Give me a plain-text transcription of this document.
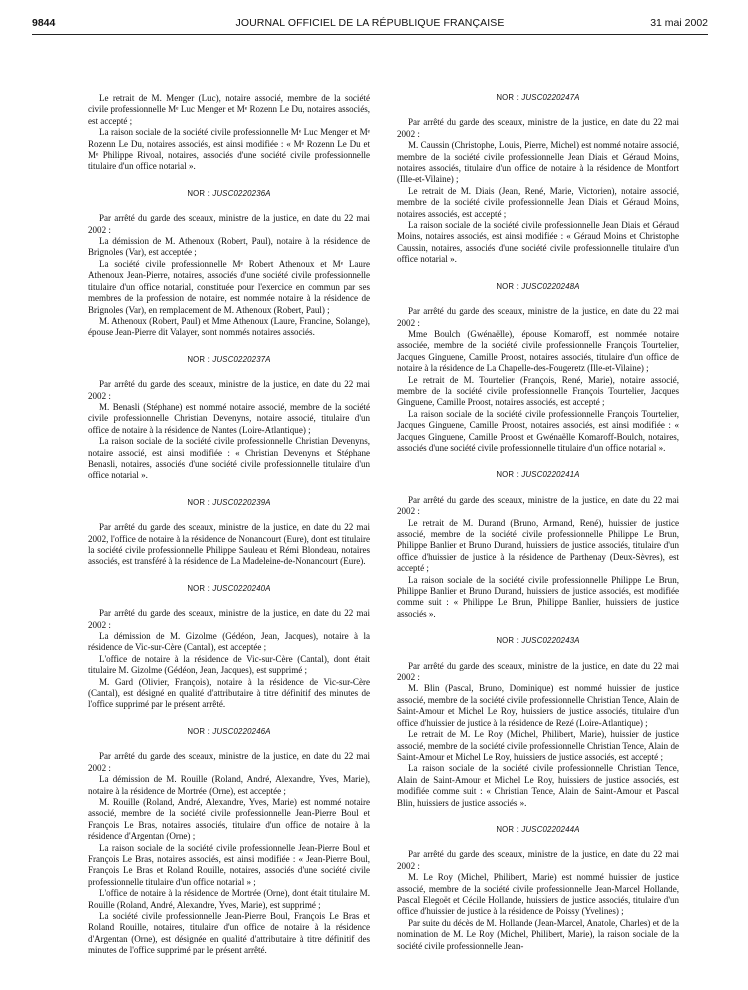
9844	JOURNAL OFFICIEL DE LA RÉPUBLIQUE FRANÇAISE	31 mai 2002

Le retrait de M. Menger (Luc), notaire associé, membre de la société civile professionnelle Mᵉ Luc Menger et Mᵉ Rozenn Le Du, notaires associés, est accepté ;

La raison sociale de la société civile professionnelle Mᵉ Luc Menger et Mᵉ Rozenn Le Du, notaires associés, est ainsi modifiée : « Mᵉ Rozenn Le Du et Mᵉ Philippe Rivoal, notaires, associés d'une société civile professionnelle titulaire d'un office notarial ».

NOR : JUSC0220236A

Par arrêté du garde des sceaux, ministre de la justice, en date du 22 mai 2002 :

La démission de M. Athenoux (Robert, Paul), notaire à la résidence de Brignoles (Var), est acceptée ;

La société civile professionnelle Mᵉ Robert Athenoux et Mᵉ Laure Athenoux Jean-Pierre, notaires, associés d'une société civile professionnelle titulaire d'un office notarial, constituée pour l'exercice en commun par ses membres de la profession de notaire, est nommée notaire à la résidence de Brignoles (Var), en remplacement de M. Athenoux (Robert, Paul) ;

M. Athenoux (Robert, Paul) et Mme Athenoux (Laure, Francine, Solange), épouse Jean-Pierre dit Valayer, sont nommés notaires associés.

NOR : JUSC0220237A

Par arrêté du garde des sceaux, ministre de la justice, en date du 22 mai 2002 :

M. Benasli (Stéphane) est nommé notaire associé, membre de la société civile professionnelle Christian Devenyns, notaire associé, titulaire d'un office de notaire à la résidence de Nantes (Loire-Atlantique) ;

La raison sociale de la société civile professionnelle Christian Devenyns, notaire associé, est ainsi modifiée : « Christian Devenyns et Stéphane Benasli, notaires, associés d'une société civile professionnelle titulaire d'un office notarial ».

NOR : JUSC0220239A

Par arrêté du garde des sceaux, ministre de la justice, en date du 22 mai 2002, l'office de notaire à la résidence de Nonancourt (Eure), dont est titulaire la société civile professionnelle Philippe Sauleau et Rémi Blondeau, notaires associés, est transféré à la résidence de La Madeleine-de-Nonancourt (Eure).

NOR : JUSC0220240A

Par arrêté du garde des sceaux, ministre de la justice, en date du 22 mai 2002 :

La démission de M. Gizolme (Gédéon, Jean, Jacques), notaire à la résidence de Vic-sur-Cère (Cantal), est acceptée ;

L'office de notaire à la résidence de Vic-sur-Cère (Cantal), dont était titulaire M. Gizolme (Gédéon, Jean, Jacques), est supprimé ;

M. Gard (Olivier, François), notaire à la résidence de Vic-sur-Cère (Cantal), est désigné en qualité d'attributaire à titre définitif des minutes de l'office supprimé par le présent arrêté.

NOR : JUSC0220246A

Par arrêté du garde des sceaux, ministre de la justice, en date du 22 mai 2002 :

La démission de M. Rouille (Roland, André, Alexandre, Yves, Marie), notaire à la résidence de Mortrée (Orne), est acceptée ;

M. Rouille (Roland, André, Alexandre, Yves, Marie) est nommé notaire associé, membre de la société civile professionnelle Jean-Pierre Boul et François Le Bras, notaires associés, titulaire d'un office de notaire à la résidence d'Argentan (Orne) ;

La raison sociale de la société civile professionnelle Jean-Pierre Boul et François Le Bras, notaires associés, est ainsi modifiée : « Jean-Pierre Boul, François Le Bras et Roland Rouille, notaires, associés d'une société civile professionnelle titulaire d'un office notarial » ;

L'office de notaire à la résidence de Mortrée (Orne), dont était titulaire M. Rouille (Roland, André, Alexandre, Yves, Marie), est supprimé ;

La société civile professionnelle Jean-Pierre Boul, François Le Bras et Roland Rouille, notaires, titulaire d'un office de notaire à la résidence d'Argentan (Orne), est désignée en qualité d'attributaire à titre définitif des minutes de l'office supprimé par le présent arrêté.

NOR : JUSC0220247A

Par arrêté du garde des sceaux, ministre de la justice, en date du 22 mai 2002 :

M. Caussin (Christophe, Louis, Pierre, Michel) est nommé notaire associé, membre de la société civile professionnelle Jean Diais et Géraud Moins, notaires associés, titulaire d'un office de notaire à la résidence de Montfort (Ille-et-Vilaine) ;

Le retrait de M. Diais (Jean, René, Marie, Victorien), notaire associé, membre de la société civile professionnelle Jean Diais et Géraud Moins, notaires associés, est accepté ;

La raison sociale de la société civile professionnelle Jean Diais et Géraud Moins, notaires associés, est ainsi modifiée : « Géraud Moins et Christophe Caussin, notaires, associés d'une société civile professionnelle titulaire d'un office notarial ».

NOR : JUSC0220248A

Par arrêté du garde des sceaux, ministre de la justice, en date du 22 mai 2002 :

Mme Boulch (Gwénaëlle), épouse Komaroff, est nommée notaire associée, membre de la société civile professionnelle François Tourtelier, Jacques Ginguene, Camille Proost, notaires associés, titulaire d'un office de notaire à la résidence de La Chapelle-des-Fougeretz (Ille-et-Vilaine) ;

Le retrait de M. Tourtelier (François, René, Marie), notaire associé, membre de la société civile professionnelle François Tourtelier, Jacques Ginguene, Camille Proost, notaires associés, est accepté ;

La raison sociale de la société civile professionnelle François Tourtelier, Jacques Ginguene, Camille Proost, notaires associés, est ainsi modifiée : « Jacques Ginguene, Camille Proost et Gwénaëlle Komaroff-Boulch, notaires, associés d'une société civile professionnelle titulaire d'un office notarial ».

NOR : JUSC0220241A

Par arrêté du garde des sceaux, ministre de la justice, en date du 22 mai 2002 :

Le retrait de M. Durand (Bruno, Armand, René), huissier de justice associé, membre de la société civile professionnelle Philippe Le Brun, Philippe Banlier et Bruno Durand, huissiers de justice associés, titulaire d'un office d'huissier de justice à la résidence de Parthenay (Deux-Sèvres), est accepté ;

La raison sociale de la société civile professionnelle Philippe Le Brun, Philippe Banlier et Bruno Durand, huissiers de justice associés, est modifiée comme suit : « Philippe Le Brun, Philippe Banlier, huissiers de justice associés ».

NOR : JUSC0220243A

Par arrêté du garde des sceaux, ministre de la justice, en date du 22 mai 2002 :

M. Blin (Pascal, Bruno, Dominique) est nommé huissier de justice associé, membre de la société civile professionnelle Christian Tence, Alain de Saint-Amour et Michel Le Roy, huissiers de justice associés, titulaire d'un office d'huissier de justice à la résidence de Rezé (Loire-Atlantique) ;

Le retrait de M. Le Roy (Michel, Philibert, Marie), huissier de justice associé, membre de la société civile professionnelle Christian Tence, Alain de Saint-Amour et Michel Le Roy, huissiers de justice associés, est accepté ;

La raison sociale de la société civile professionnelle Christian Tence, Alain de Saint-Amour et Michel Le Roy, huissiers de justice associés, est modifiée comme suit : « Christian Tence, Alain de Saint-Amour et Pascal Blin, huissiers de justice associés ».

NOR : JUSC0220244A

Par arrêté du garde des sceaux, ministre de la justice, en date du 22 mai 2002 :

M. Le Roy (Michel, Philibert, Marie) est nommé huissier de justice associé, membre de la société civile professionnelle Jean-Marcel Hollande, Pascal Elegoët et Cécile Hollande, huissiers de justice associés, titulaire d'un office d'huissier de justice à la résidence de Poissy (Yvelines) ;

Par suite du décès de M. Hollande (Jean-Marcel, Anatole, Charles) et de la nomination de M. Le Roy (Michel, Philibert, Marie), la raison sociale de la société civile professionnelle Jean-
